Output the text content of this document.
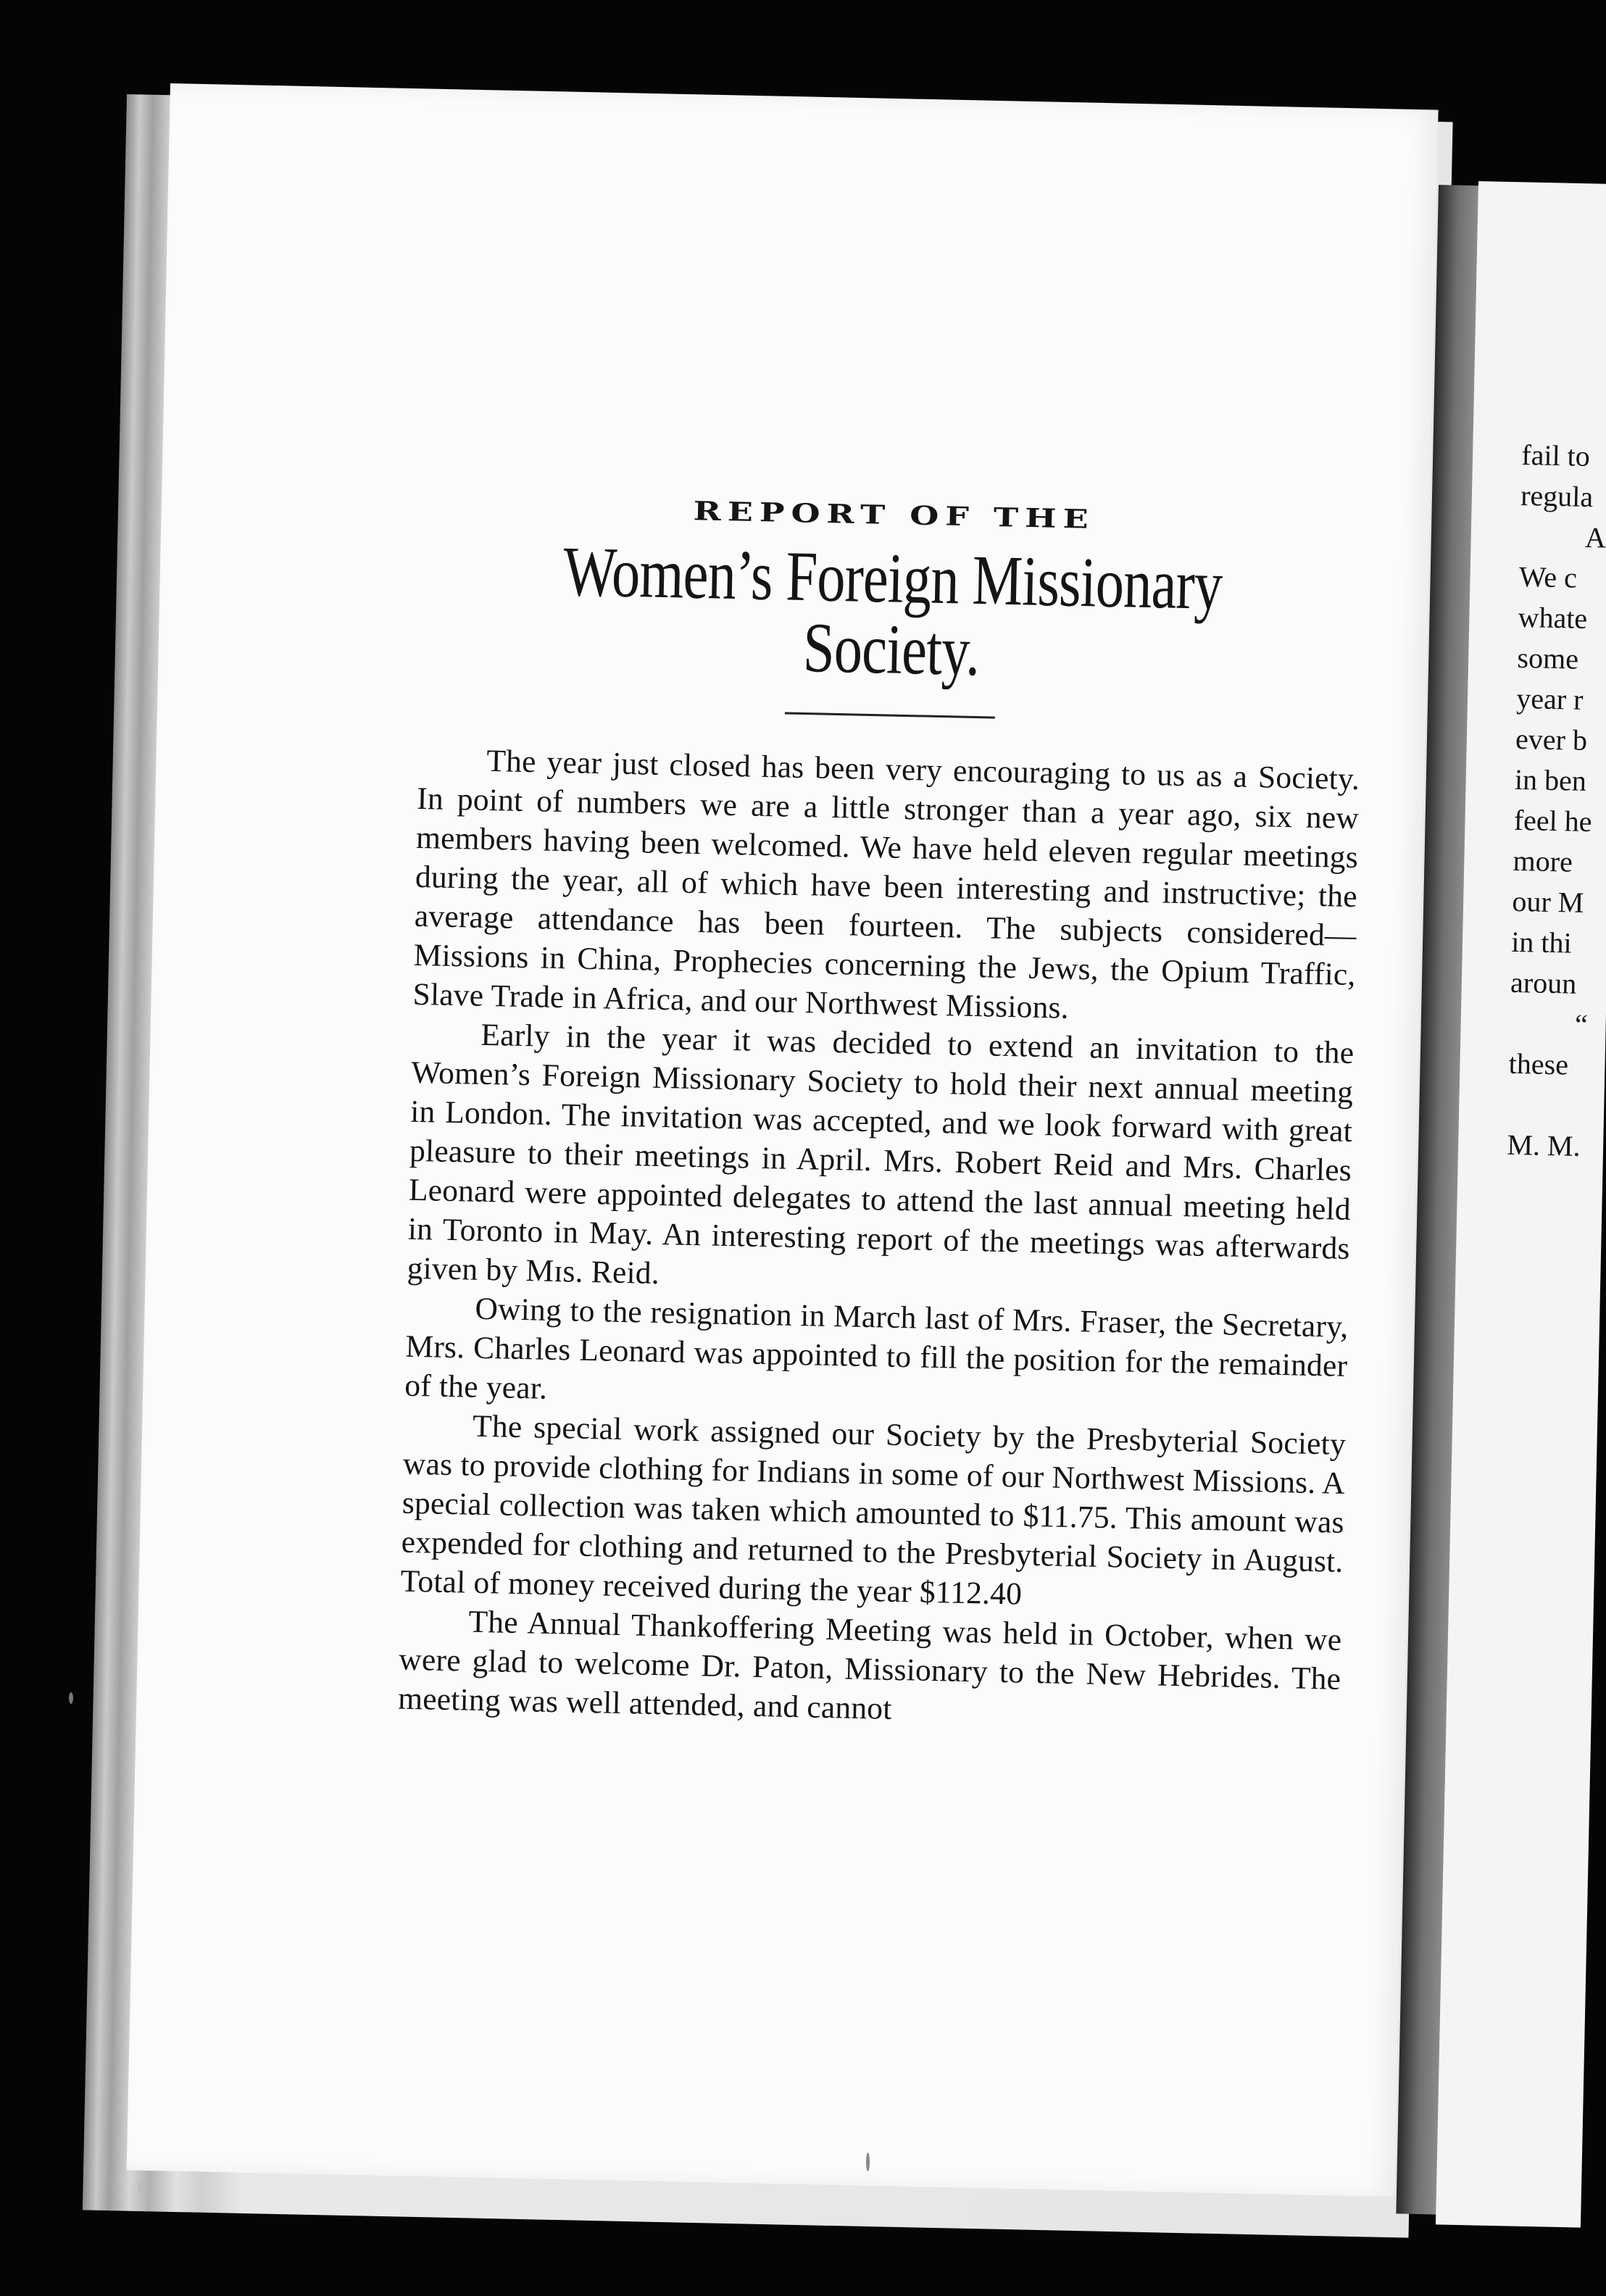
REPORT OF THE
Women’s Foreign Missionary Society.

The year just closed has been very encouraging to us as a Society. In point of numbers we are a little stronger than a year ago, six new members having been welcomed. We have held eleven regular meetings during the year, all of which have been interesting and instructive; the average attendance has been fourteen. The subjects considered—Missions in China, Prophecies concerning the Jews, the Opium Traffic, Slave Trade in Africa, and our Northwest Missions.

Early in the year it was decided to extend an invitation to the Women’s Foreign Missionary Society to hold their next annual meeting in London. The invitation was accepted, and we look forward with great pleasure to their meetings in April. Mrs. Robert Reid and Mrs. Charles Leonard were appointed delegates to attend the last annual meeting held in Toronto in May. An interesting report of the meetings was afterwards given by Mɪs. Reid.

Owing to the resignation in March last of Mrs. Fraser, the Secretary, Mrs. Charles Leonard was appointed to fill the position for the remainder of the year.

The special work assigned our Society by the Presbyterial Society was to provide clothing for Indians in some of our Northwest Missions. A special collection was taken which amounted to $11.75. This amount was expended for clothing and returned to the Presbyterial Society in August. Total of money received during the year $112.40

The Annual Thankoffering Meeting was held in October, when we were glad to welcome Dr. Paton, Missionary to the New Hebrides. The meeting was well attended, and cannot

fail to
regula
A
We c
whate
some
year r
ever b
in ben
feel he
more
our M
in thi
aroun
“
these
M. M.
